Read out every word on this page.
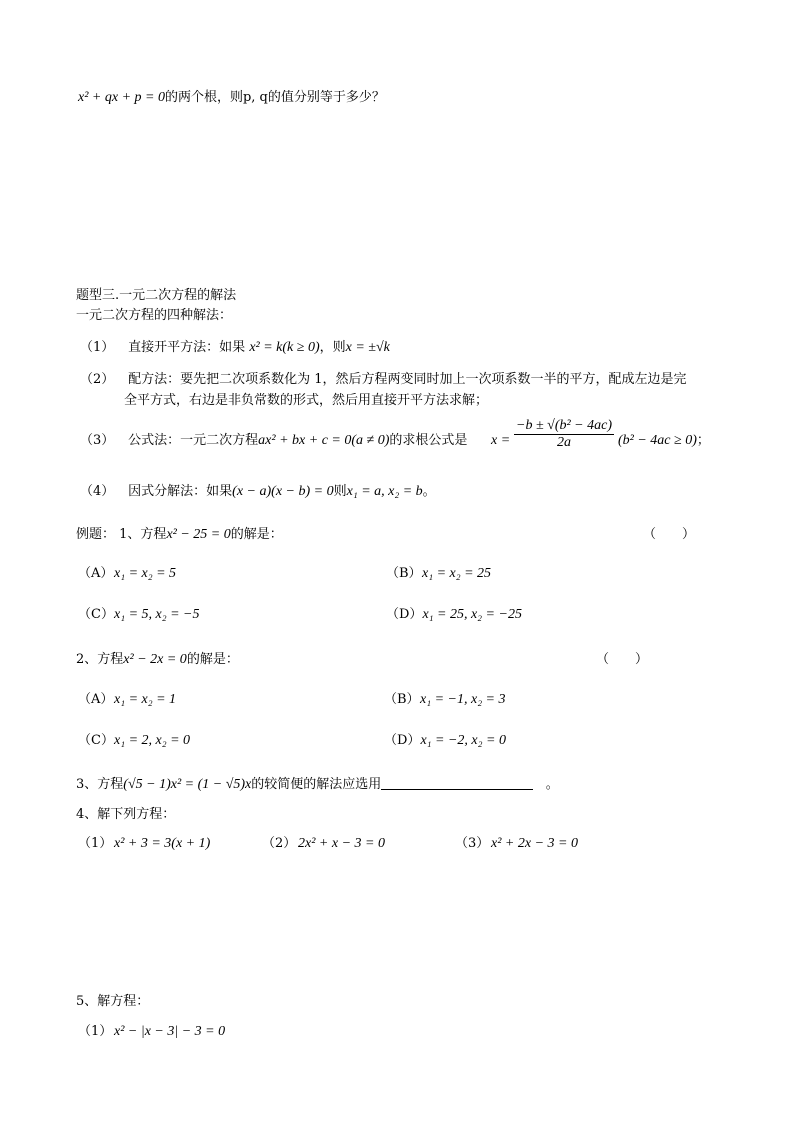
x² + qx + p = 0的两个根，则p, q的值分别等于多少？
题型三.一元二次方程的解法
一元二次方程的四种解法：
（1） 直接开平方法：如果 x² = k(k ≥ 0)，则x = ±√k
（2） 配方法：要先把二次项系数化为 1，然后方程两变同时加上一次项系数一半的平方，配成左边是完
全平方式，右边是非负常数的形式，然后用直接开平方法求解；
（3） 公式法：一元二次方程ax² + bx + c = 0(a ≠ 0)的求根公式是 $x = \frac{\text{−b ± √(b² − 4ac)}}{2a} (b^2 - 4ac \ge 0)$；
（4） 因式分解法：如果(x − a)(x − b) = 0则x₁ = a, x₂ = b。
例题： 1、方程x² − 25 = 0的解是：	（　　）
（A）x₁ = x₂ = 5	（B）x₁ = x₂ = 25
（C）x₁ = 5, x₂ = −5	（D）x₁ = 25, x₂ = −25
2、方程x² − 2x = 0的解是：	（　　）
（A）x₁ = x₂ = 1	（B）x₁ = −1, x₂ = 3
（C）x₁ = 2, x₂ = 0	（D）x₁ = −2, x₂ = 0
3、方程(√5 − 1)x² = (1 − √5)x的较简便的解法应选用	。
4、解下列方程：
（1） x² + 3 = 3(x + 1)	（2） 2x² + x − 3 = 0	（3） x² + 2x − 3 = 0
5、解方程：
（1） x² − |x − 3| − 3 = 0
